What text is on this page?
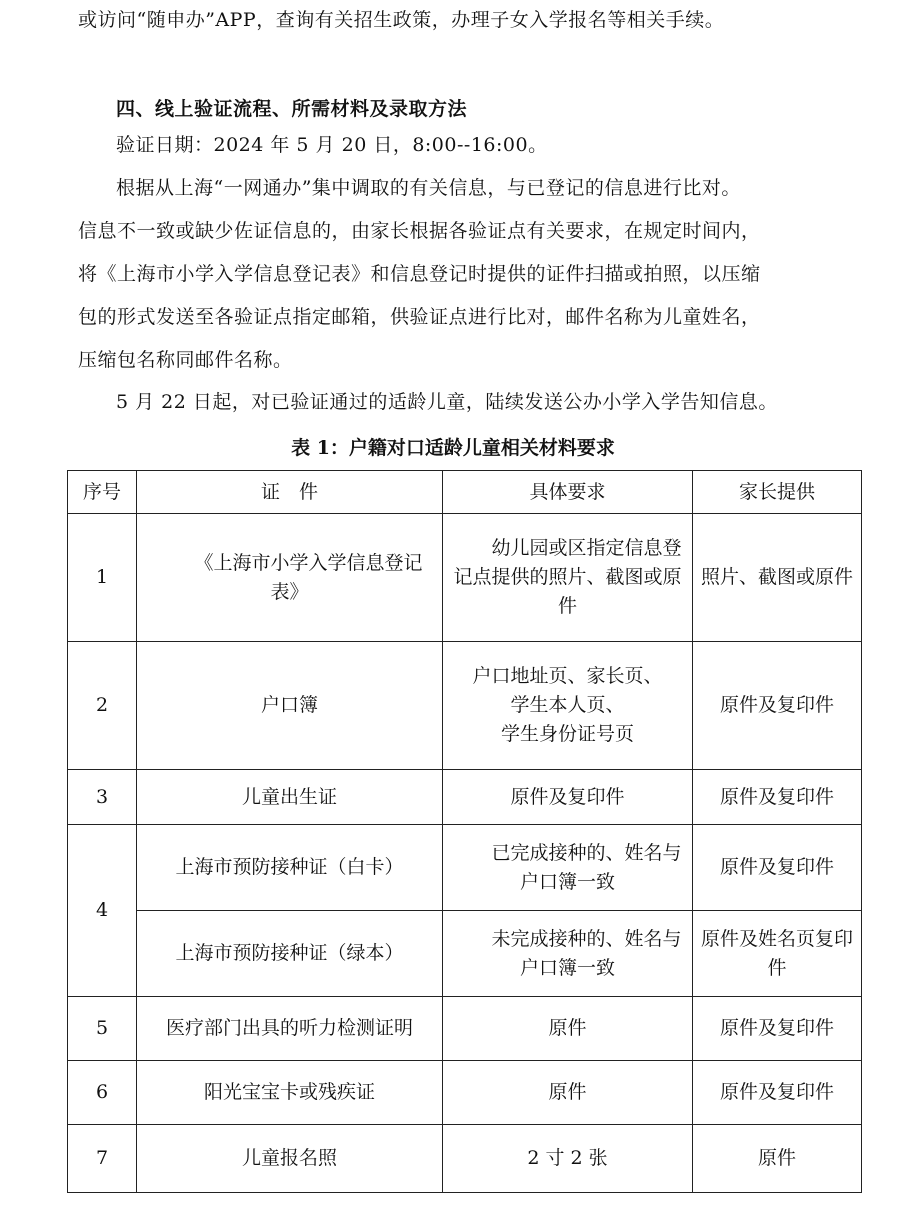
或访问“随申办”APP，查询有关招生政策，办理子女入学报名等相关手续。
四、线上验证流程、所需材料及录取方法
验证日期：2024 年 5 月 20 日，8:00--16:00。
根据从上海“一网通办”集中调取的有关信息，与已登记的信息进行比对。
信息不一致或缺少佐证信息的，由家长根据各验证点有关要求，在规定时间内，
将《上海市小学入学信息登记表》和信息登记时提供的证件扫描或拍照，以压缩
包的形式发送至各验证点指定邮箱，供验证点进行比对，邮件名称为儿童姓名，
压缩包名称同邮件名称。
5 月 22 日起，对已验证通过的适龄儿童，陆续发送公办小学入学告知信息。
表 1：户籍对口适龄儿童相关材料要求
序号	证　件	具体要求	家长提供
1	《上海市小学入学信息登记表》	幼儿园或区指定信息登记点提供的照片、截图或原件	照片、截图或原件
2	户口簿	户口地址页、家长页、
学生本人页、
学生身份证号页	原件及复印件
3	儿童出生证	原件及复印件	原件及复印件
4	上海市预防接种证（白卡）	已完成接种的、姓名与户口簿一致	原件及复印件
	上海市预防接种证（绿本）	未完成接种的、姓名与户口簿一致	原件及姓名页复印件
5	医疗部门出具的听力检测证明	原件	原件及复印件
6	阳光宝宝卡或残疾证	原件	原件及复印件
7	儿童报名照	2 寸 2 张	原件
